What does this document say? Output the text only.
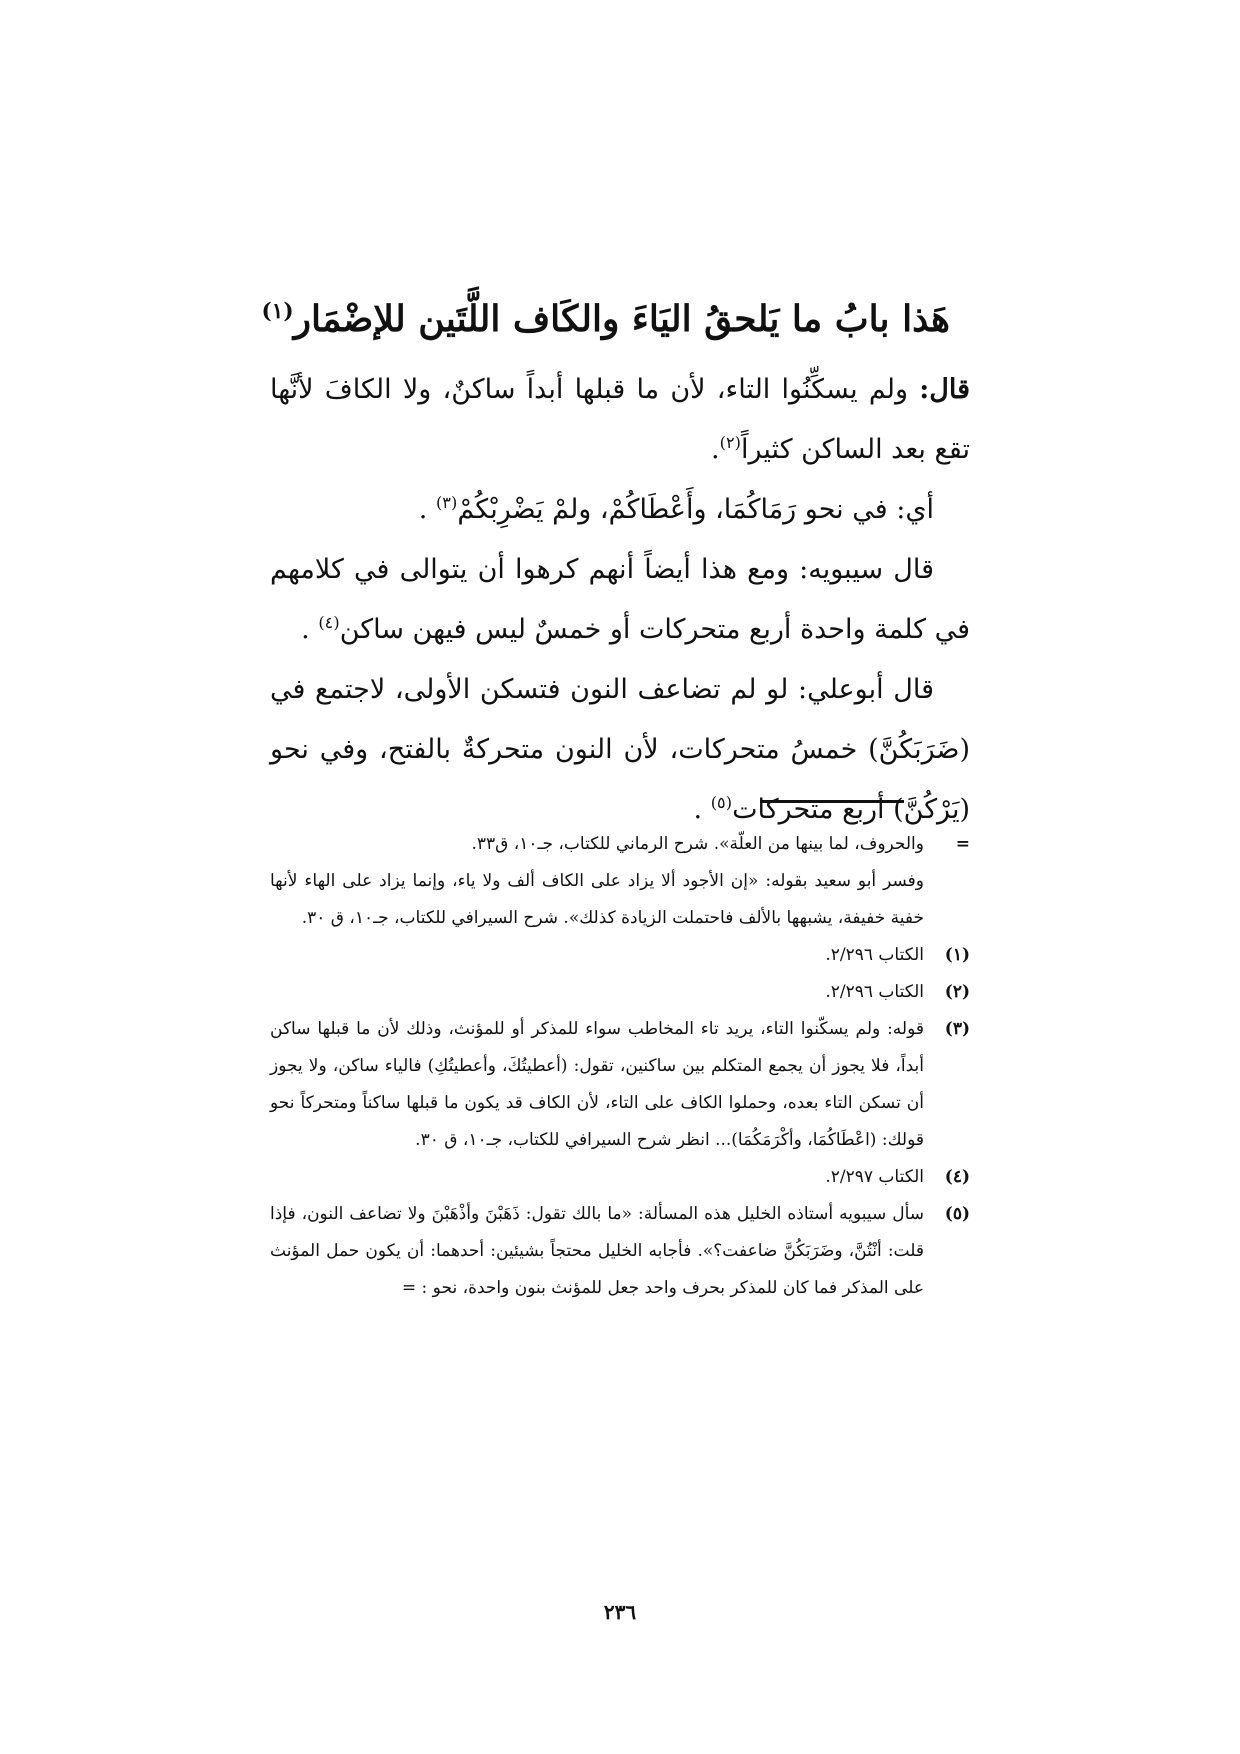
هَذا بابُ ما يَلحقُ اليَاءَ والكَاف اللَّتَين للإضْمَار$^{(١)}$

قال: ولم يسكِّنُوا التاء، لأن ما قبلها أبداً ساكنٌ، ولا الكافَ لأنَّها تقع بعد الساكن كثيراً$^{(٢)}$.

أي: في نحو رَمَاكُمَا، وأَعْطَاكُمْ، ولمْ يَضْرِبْكُمْ$^{(٣)}$ .

قال سيبويه: ومع هذا أيضاً أنهم كرهوا أن يتوالى في كلامهم في كلمة واحدة أربع متحركات أو خمسٌ ليس فيهن ساكن$^{(٤)}$ .

قال أبوعلي: لو لم تضاعف النون فتسكن الأولى، لاجتمع في (ضَرَبَكُنَّ) خمسُ متحركات، لأن النون متحركةٌ بالفتح، وفي نحو (يَرْكُنَّ) أربع متحركات$^{(٥)}$ .

=

والحروف، لما بينها من العلّة». شرح الرماني للكتاب، جـ١٠، ق٣٣.

وفسر أبو سعيد بقوله: «إن الأجود ألا يزاد على الكاف ألف ولا ياء، وإنما يزاد على الهاء لأنها خفية خفيفة، يشبهها بالألف فاحتملت الزيادة كذلك». شرح السيرافي للكتاب، جـ١٠، ق ٣٠.

(١)

الكتاب ٢/٢٩٦.

(٢)

الكتاب ٢/٢٩٦.

(٣)

قوله: ولم يسكّنوا التاء، يريد تاء المخاطب سواء للمذكر أو للمؤنث، وذلك لأن ما قبلها ساكن أبداً، فلا يجوز أن يجمع المتكلم بين ساكنين، تقول: (أعطيتُكَ، وأعطيتُكِ) فالياء ساكن، ولا يجوز أن تسكن التاء بعده، وحملوا الكاف على التاء، لأن الكاف قد يكون ما قبلها ساكناً ومتحركاً نحو قولك: (اعْطَاكُمَا، وأكْرَمَكُمَا)... انظر شرح السيرافي للكتاب، جـ١٠، ق ٣٠.

(٤)

الكتاب ٢/٢٩٧.

(٥)

سأل سيبويه أستاذه الخليل هذه المسألة: «ما بالك تقول: ذَهَبْنَ وأذْهَبْنَ ولا تضاعف النون، فإذا قلت: أنْتُنَّ، وضَرَبَكُنَّ ضاعفت؟». فأجابه الخليل محتجاً بشيئين: أحدهما: أن يكون حمل المؤنث على المذكر فما كان للمذكر بحرف واحد جعل للمؤنث بنون واحدة، نحو : =

٢٣٦
